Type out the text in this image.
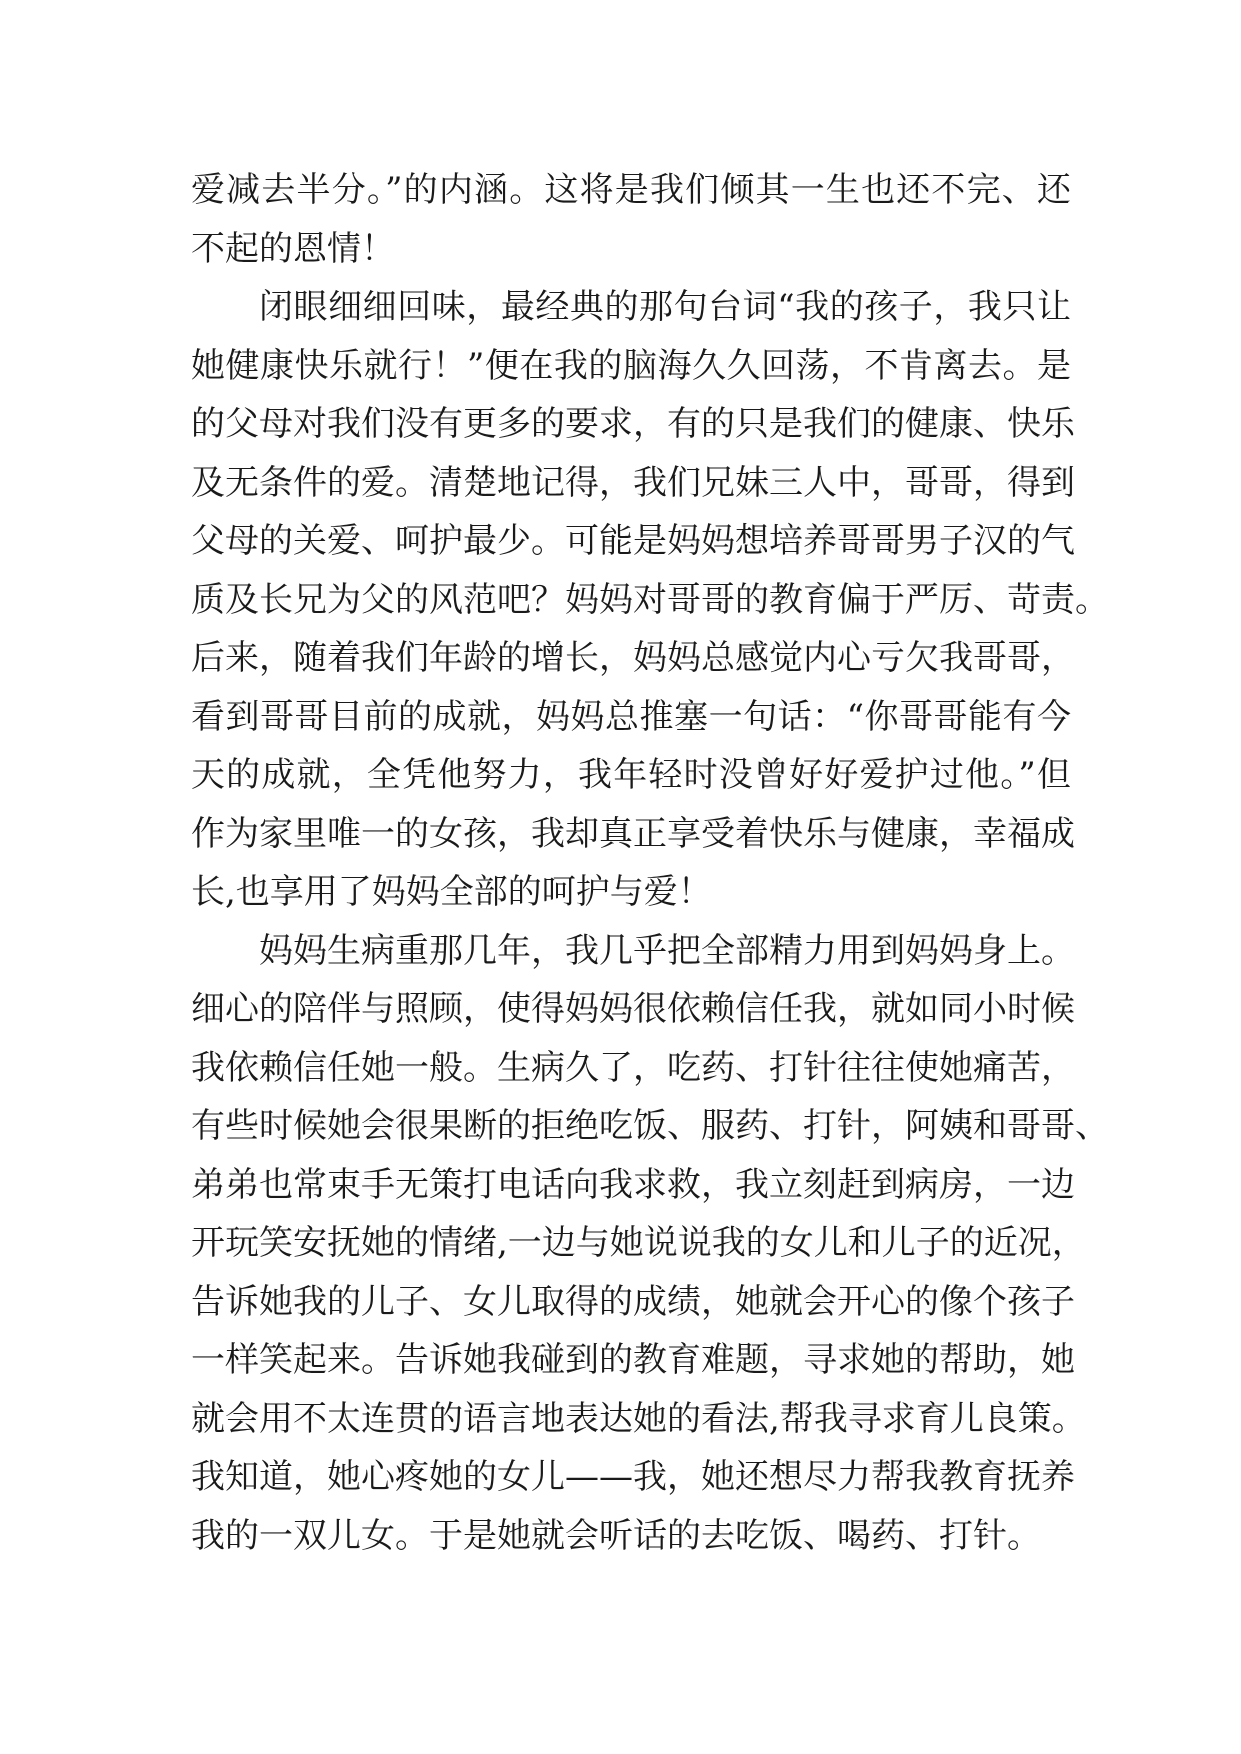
爱减去半分。”的内涵。这将是我们倾其一生也还不完、还
不起的恩情！
闭眼细细回味，最经典的那句台词“我的孩子，我只让
她健康快乐就行！”便在我的脑海久久回荡，不肯离去。是
的父母对我们没有更多的要求，有的只是我们的健康、快乐
及无条件的爱。清楚地记得，我们兄妹三人中，哥哥，得到
父母的关爱、呵护最少。可能是妈妈想培养哥哥男子汉的气
质及长兄为父的风范吧？妈妈对哥哥的教育偏于严厉、苛责。
后来，随着我们年龄的增长，妈妈总感觉内心亏欠我哥哥，
看到哥哥目前的成就，妈妈总推塞一句话：“你哥哥能有今
天的成就，全凭他努力，我年轻时没曾好好爱护过他。”但
作为家里唯一的女孩，我却真正享受着快乐与健康，幸福成
长,也享用了妈妈全部的呵护与爱！
妈妈生病重那几年，我几乎把全部精力用到妈妈身上。
细心的陪伴与照顾，使得妈妈很依赖信任我，就如同小时候
我依赖信任她一般。生病久了，吃药、打针往往使她痛苦，
有些时候她会很果断的拒绝吃饭、服药、打针，阿姨和哥哥、
弟弟也常束手无策打电话向我求救，我立刻赶到病房，一边
开玩笑安抚她的情绪,一边与她说说我的女儿和儿子的近况，
告诉她我的儿子、女儿取得的成绩，她就会开心的像个孩子
一样笑起来。告诉她我碰到的教育难题，寻求她的帮助，她
就会用不太连贯的语言地表达她的看法,帮我寻求育儿良策。
我知道，她心疼她的女儿——我，她还想尽力帮我教育抚养
我的一双儿女。于是她就会听话的去吃饭、喝药、打针。
